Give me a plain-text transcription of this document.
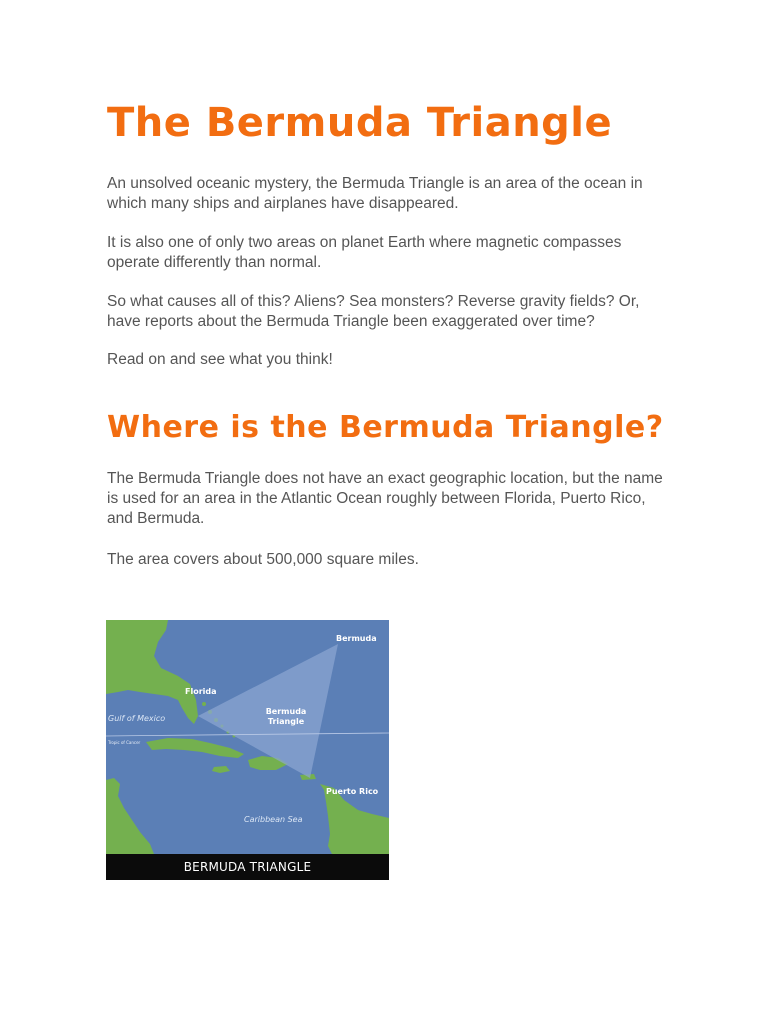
The Bermuda Triangle

An unsolved oceanic mystery, the Bermuda Triangle is an area of the ocean in which many ships and airplanes have disappeared.

It is also one of only two areas on planet Earth where magnetic compasses operate differently than normal.

So what causes all of this? Aliens? Sea monsters? Reverse gravity fields? Or, have reports about the Bermuda Triangle been exaggerated over time?

Read on and see what you think!

Where is the Bermuda Triangle?

The Bermuda Triangle does not have an exact geographic location, but the name is used for an area in the Atlantic Ocean roughly between Florida, Puerto Rico, and Bermuda.

The area covers about 500,000 square miles.

Bermuda
Florida
Gulf of Mexico
Bermuda
Triangle
Tropic of Cancer
Puerto Rico
Caribbean Sea
BERMUDA TRIANGLE
